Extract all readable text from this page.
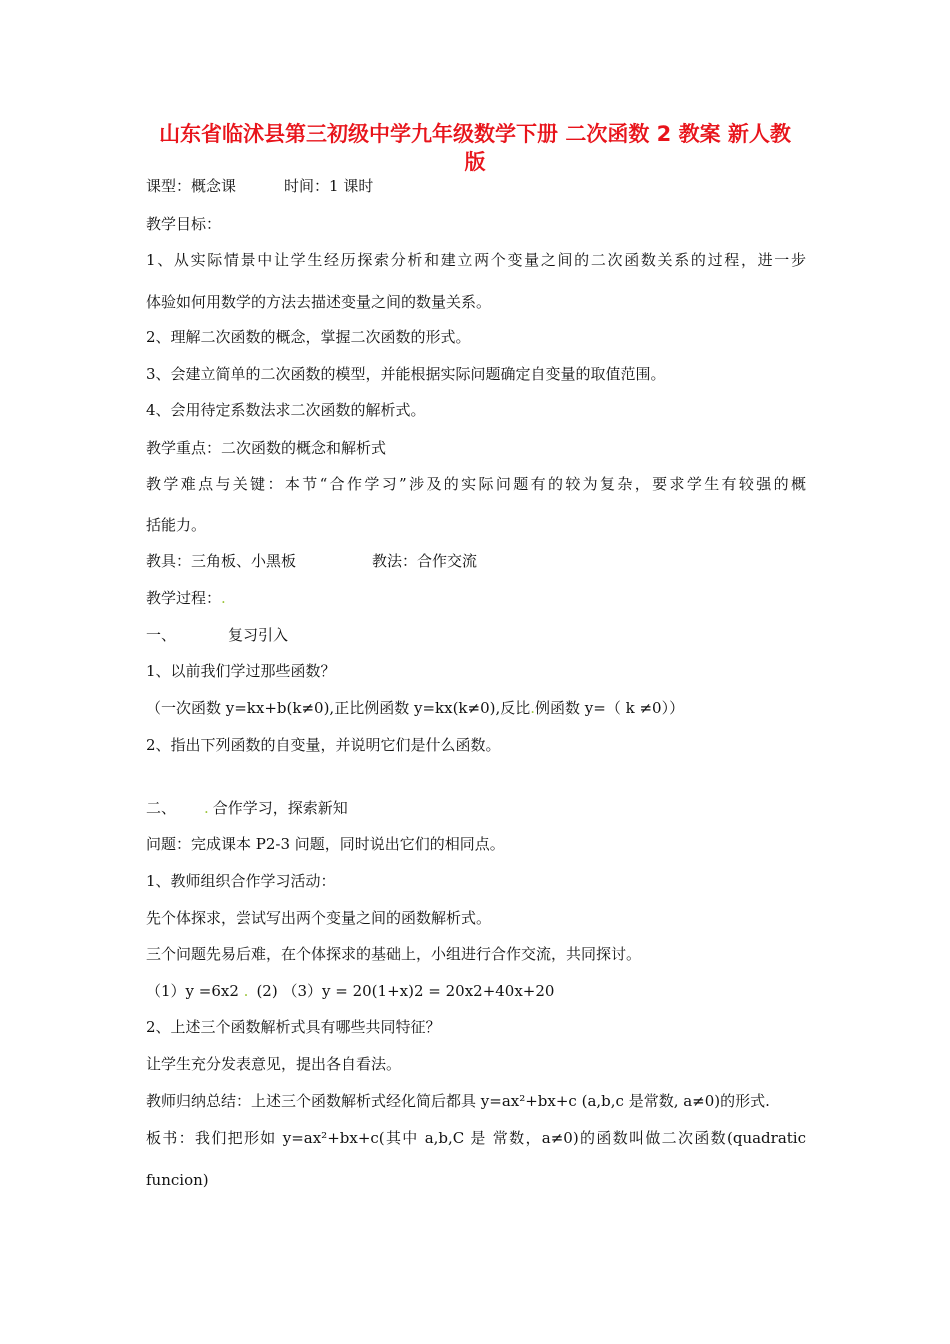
山东省临沭县第三初级中学九年级数学下册 二次函数 2 教案 新人教
版
课型：概念课	时间：1 课时
教学目标：
1、从实际情景中让学生经历探索分析和建立两个变量之间的二次函数关系的过程，进一步
体验如何用数学的方法去描述变量之间的数量关系。
2、理解二次函数的概念，掌握二次函数的形式。
3、会建立简单的二次函数的模型，并能根据实际问题确定自变量的取值范围。
4、会用待定系数法求二次函数的解析式。
教学重点：二次函数的概念和解析式
教学难点与关键：本节“合作学习”涉及的实际问题有的较为复杂，要求学生有较强的概
括能力。
教具：三角板、小黑板	教法：合作交流
教学过程：.
一、	复习引入
1、以前我们学过那些函数？
（一次函数 y=kx+b(k≠0),正比例函数 y=kx(k≠0),反比.例函数 y=（ k ≠0））
2、指出下列函数的自变量，并说明它们是什么函数。
二、 . 合作学习，探索新知
问题：完成课本 P2-3 问题，同时说出它们的相同点。
1、教师组织合作学习活动：
先个体探求，尝试写出两个变量之间的函数解析式。
三个问题先易后难，在个体探求的基础上，小组进行合作交流，共同探讨。
（1）y =6x2 . (2) （3）y = 20(1+x)2 = 20x2+40x+20
2、上述三个函数解析式具有哪些共同特征？
让学生充分发表意见，提出各自看法。
教师归纳总结：上述三个函数解析式经化简后都具 y=ax²+bx+c (a,b,c 是常数, a≠0)的形式.
板书：我们把形如 y=ax²+bx+c(其中 a,b,C 是 常数，a≠0)的函数叫做二次函数(quadratic
funcion)
